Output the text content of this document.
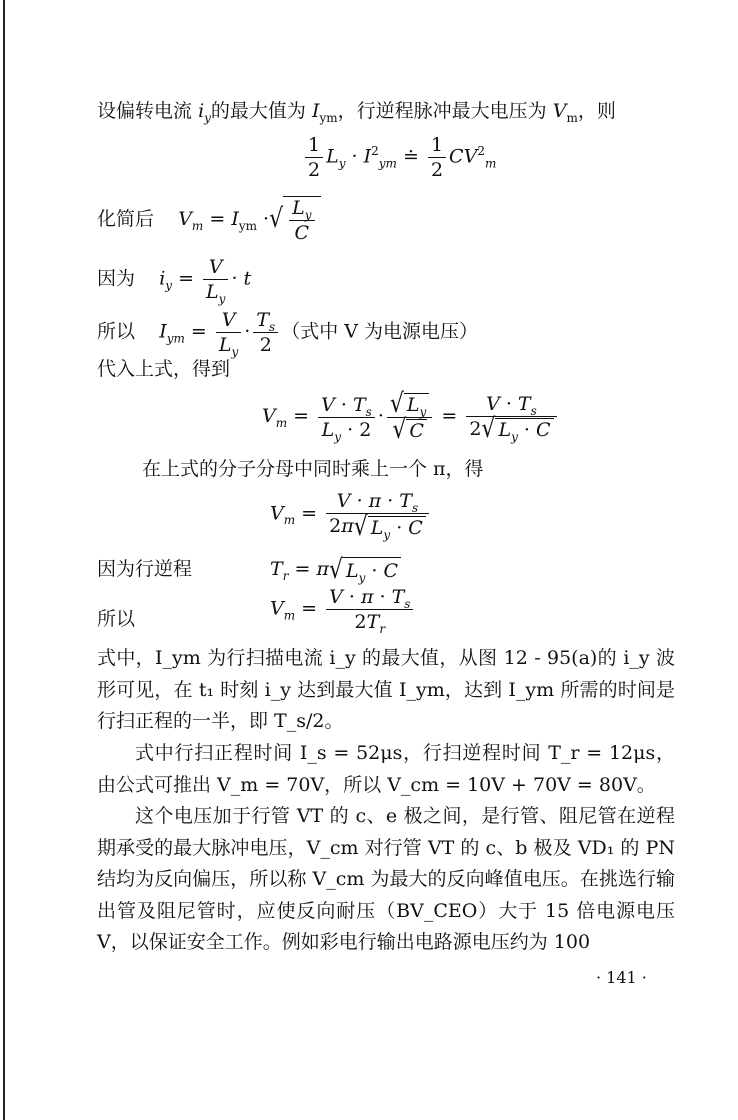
设偏转电流 $i_y$的最大值为 $I_{ym}$，行逆程脉冲最大电压为 $V_m$，则
$\frac{1}{2} L_y \cdot I^2_{ym}$ ≐ $\frac{1}{2} CV^2_m$
化简后 $V_m = I_{ym}$ ·√ $\frac{L_y}{C}$
因为 $i_y = \frac{V}{L_y} \cdot t$
所以 $I_{ym} = \frac{V}{L_y} \cdot \frac{T_s}{2}$ （式中 V 为电源电压）
代入上式，得到
$V_m = \frac{V \cdot T_s}{L_y \cdot 2} \cdot \frac{√ L_y}{√ C} = \frac{V \cdot T_s}{2√ L_y \cdot C}$
在上式的分子分母中同时乘上一个 π，得
$V_m = \frac{V \cdot \pi \cdot T_s}{2\pi√ L_y \cdot C}$
因为行逆程	$T_r = \pi√$ $L_y \cdot C$
所以	$V_m = \frac{V \cdot \pi \cdot T_s}{2T_r}$
式中，I_ym 为行扫描电流 i_y 的最大值，从图 12 - 95(a)的 i_y 波形可见，在 t₁ 时刻 i_y 达到最大值 I_ym，达到 I_ym 所需的时间是行扫正程的一半，即 T_s/2。
式中行扫正程时间 I_s = 52μs，行扫逆程时间 T_r = 12μs，由公式可推出 V_m = 70V，所以 V_cm = 10V + 70V = 80V。
这个电压加于行管 VT 的 c、e 极之间，是行管、阻尼管在逆程期承受的最大脉冲电压，V_cm 对行管 VT 的 c、b 极及 VD₁ 的 PN 结均为反向偏压，所以称 V_cm 为最大的反向峰值电压。在挑选行输出管及阻尼管时，应使反向耐压（BV_CEO）大于 15 倍电源电压 V，以保证安全工作。例如彩电行输出电路源电压约为 100
· 141 ·
